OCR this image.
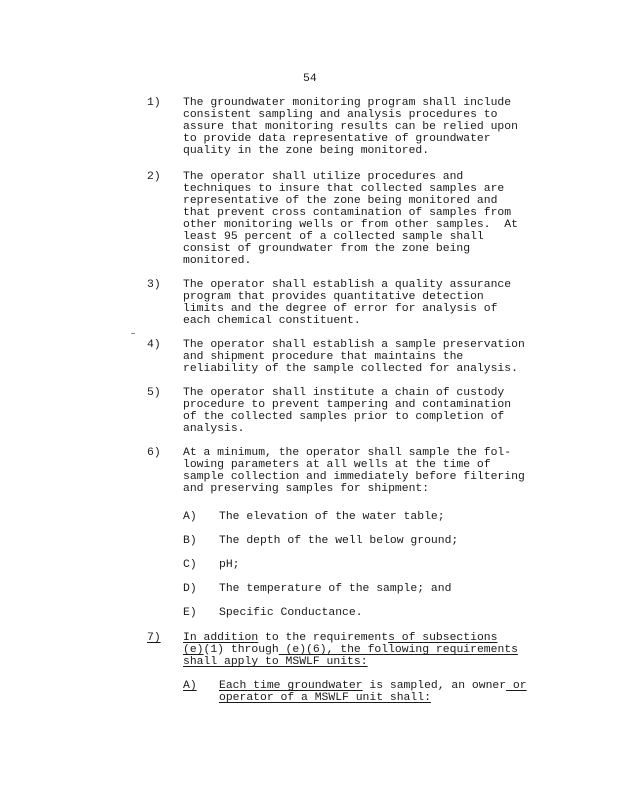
54
1) The groundwater monitoring program shall include
consistent sampling and analysis procedures to
assure that monitoring results can be relied upon
to provide data representative of groundwater
quality in the zone being monitored.
2) The operator shall utilize procedures and
techniques to insure that collected samples are
representative of the zone being monitored and
that prevent cross contamination of samples from
other monitoring wells or from other samples.  At
least 95 percent of a collected sample shall
consist of groundwater from the zone being
monitored.
3) The operator shall establish a quality assurance
program that provides quantitative detection
limits and the degree of error for analysis of
each chemical constituent.
4) The operator shall establish a sample preservation
and shipment procedure that maintains the
reliability of the sample collected for analysis.
5) The operator shall institute a chain of custody
procedure to prevent tampering and contamination
of the collected samples prior to completion of
analysis.
6) At a minimum, the operator shall sample the fol-
lowing parameters at all wells at the time of
sample collection and immediately before filtering
and preserving samples for shipment:
A) The elevation of the water table;
B) The depth of the well below ground;
C) pH;
D) The temperature of the sample; and
E) Specific Conductance.
7) In addition to the requirements of subsections
(e)(1) through (e)(6), the following requirements
shall apply to MSWLF units:
A) Each time groundwater is sampled, an owner or
operator of a MSWLF unit shall:
